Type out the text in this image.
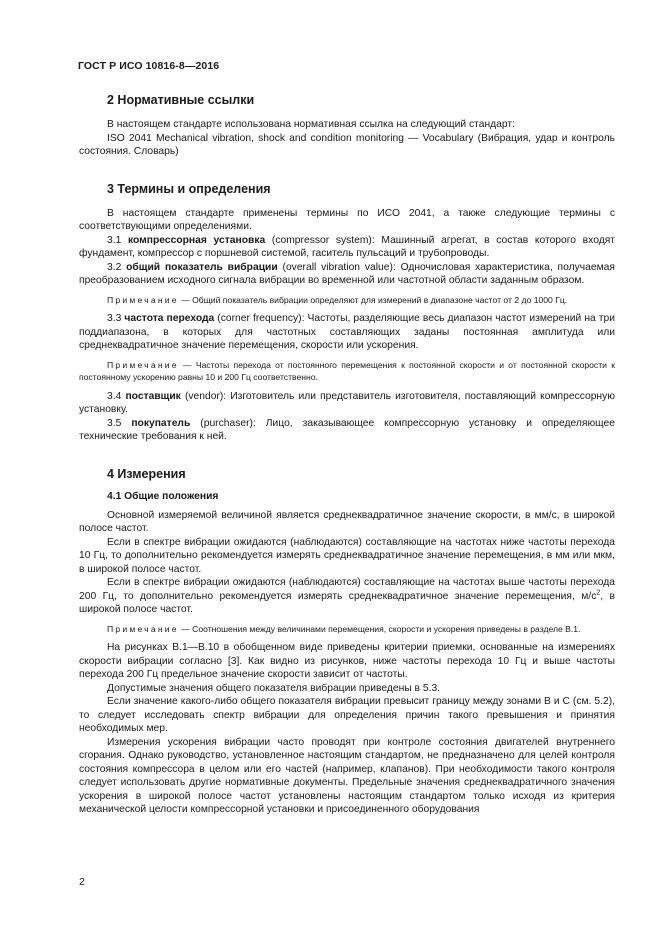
ГОСТ Р ИСО 10816-8—2016
2 Нормативные ссылки

В настоящем стандарте использована нормативная ссылка на следующий стандарт:

ISO 2041 Mechanical vibration, shock and condition monitoring — Vocabulary (Вибрация, удар и контроль состояния. Словарь)

3 Термины и определения

В настоящем стандарте применены термины по ИСО 2041, а также следующие термины с соответствующими определениями.

3.1 компрессорная установка (compressor system): Машинный агрегат, в состав которого входят фундамент, компрессор с поршневой системой, гаситель пульсаций и трубопроводы.

3.2 общий показатель вибрации (overall vibration value): Одночисловая характеристика, получаемая преобразованием исходного сигнала вибрации во временной или частотной области заданным образом.

Примечание — Общий показатель вибрации определяют для измерений в диапазоне частот от 2 до 1000 Гц.

3.3 частота перехода (corner frequency): Частоты, разделяющие весь диапазон частот измерений на три поддиапазона, в которых для частотных составляющих заданы постоянная амплитуда или среднеквадратичное значение перемещения, скорости или ускорения.

Примечание — Частоты перехода от постоянного перемещения к постоянной скорости и от постоянной скорости к постоянному ускорению равны 10 и 200 Гц соответственно.

3.4 поставщик (vendor): Изготовитель или представитель изготовителя, поставляющий компрессорную установку.

3.5 покупатель (purchaser): Лицо, заказывающее компрессорную установку и определяющее технические требования к ней.

4 Измерения
4.1 Общие положения

Основной измеряемой величиной является среднеквадратичное значение скорости, в мм/с, в широкой полосе частот.

Если в спектре вибрации ожидаются (наблюдаются) составляющие на частотах ниже частоты перехода 10 Гц, то дополнительно рекомендуется измерять среднеквадратичное значение перемещения, в мм или мкм, в широкой полосе частот.

Если в спектре вибрации ожидаются (наблюдаются) составляющие на частотах выше частоты перехода 200 Гц, то дополнительно рекомендуется измерять среднеквадратичное значение перемещения, $м/с^2$, в широкой полосе частот.

Примечание — Соотношения между величинами перемещения, скорости и ускорения приведены в разделе В.1.

На рисунках В.1—В.10 в обобщенном виде приведены критерии приемки, основанные на измерениях скорости вибрации согласно [3]. Как видно из рисунков, ниже частоты перехода 10 Гц и выше частоты перехода 200 Гц предельное значение скорости зависит от частоты.

Допустимые значения общего показателя вибрации приведены в 5.3.

Если значение какого-либо общего показателя вибрации превысит границу между зонами В и С (см. 5.2), то следует исследовать спектр вибрации для определения причин такого превышения и принятия необходимых мер.

Измерения ускорения вибрации часто проводят при контроле состояния двигателей внутреннего сгорания. Однако руководство, установленное настоящим стандартом, не предназначено для целей контроля состояния компрессора в целом или его частей (например, клапанов). При необходимости такого контроля следует использовать другие нормативные документы. Предельные значения среднеквадратичного значения ускорения в широкой полосе частот установлены настоящим стандартом только исходя из критерия механической целости компрессорной установки и присоединенного оборудования

2
